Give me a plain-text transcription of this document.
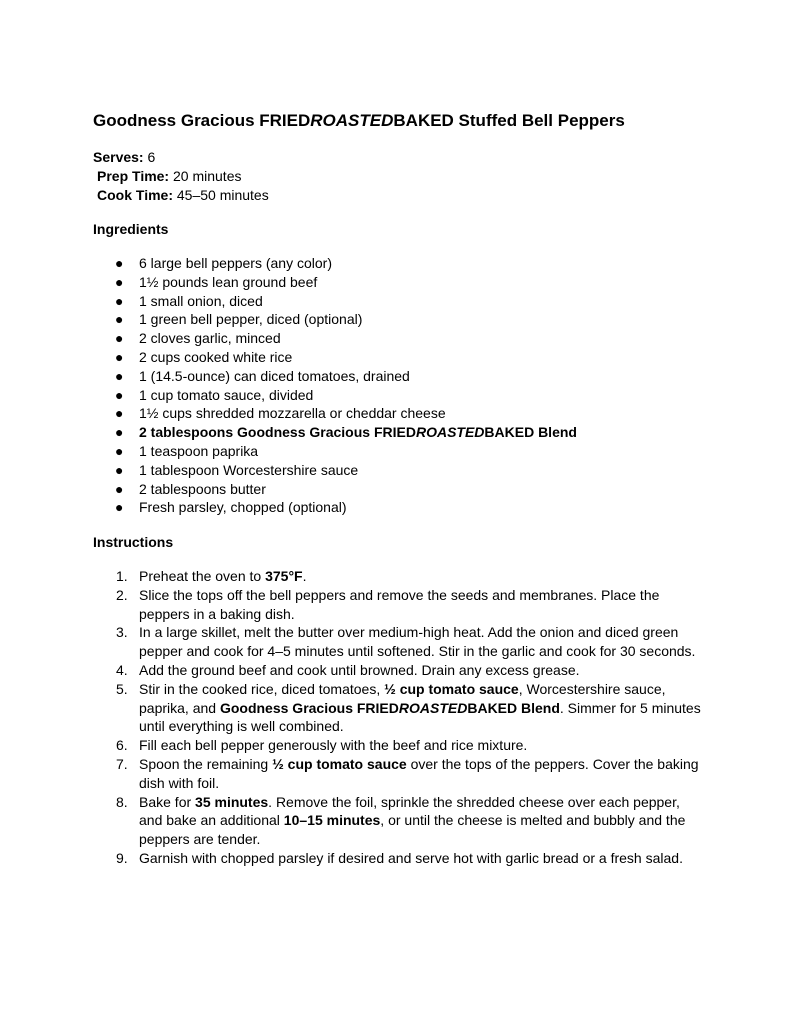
Goodness Gracious FRIEDROASTEDBAKED Stuffed Bell Peppers
Serves: 6
Prep Time: 20 minutes
Cook Time: 45–50 minutes
Ingredients
● 6 large bell peppers (any color)
● 1½ pounds lean ground beef
● 1 small onion, diced
● 1 green bell pepper, diced (optional)
● 2 cloves garlic, minced
● 2 cups cooked white rice
● 1 (14.5-ounce) can diced tomatoes, drained
● 1 cup tomato sauce, divided
● 1½ cups shredded mozzarella or cheddar cheese
● 2 tablespoons Goodness Gracious FRIEDROASTEDBAKED Blend
● 1 teaspoon paprika
● 1 tablespoon Worcestershire sauce
● 2 tablespoons butter
● Fresh parsley, chopped (optional)
Instructions
1. Preheat the oven to 375°F.
2. Slice the tops off the bell peppers and remove the seeds and membranes. Place the peppers in a baking dish.
3. In a large skillet, melt the butter over medium-high heat. Add the onion and diced green pepper and cook for 4–5 minutes until softened. Stir in the garlic and cook for 30 seconds.
4. Add the ground beef and cook until browned. Drain any excess grease.
5. Stir in the cooked rice, diced tomatoes, ½ cup tomato sauce, Worcestershire sauce, paprika, and Goodness Gracious FRIEDROASTEDBAKED Blend. Simmer for 5 minutes until everything is well combined.
6. Fill each bell pepper generously with the beef and rice mixture.
7. Spoon the remaining ½ cup tomato sauce over the tops of the peppers. Cover the baking dish with foil.
8. Bake for 35 minutes. Remove the foil, sprinkle the shredded cheese over each pepper, and bake an additional 10–15 minutes, or until the cheese is melted and bubbly and the peppers are tender.
9. Garnish with chopped parsley if desired and serve hot with garlic bread or a fresh salad.
